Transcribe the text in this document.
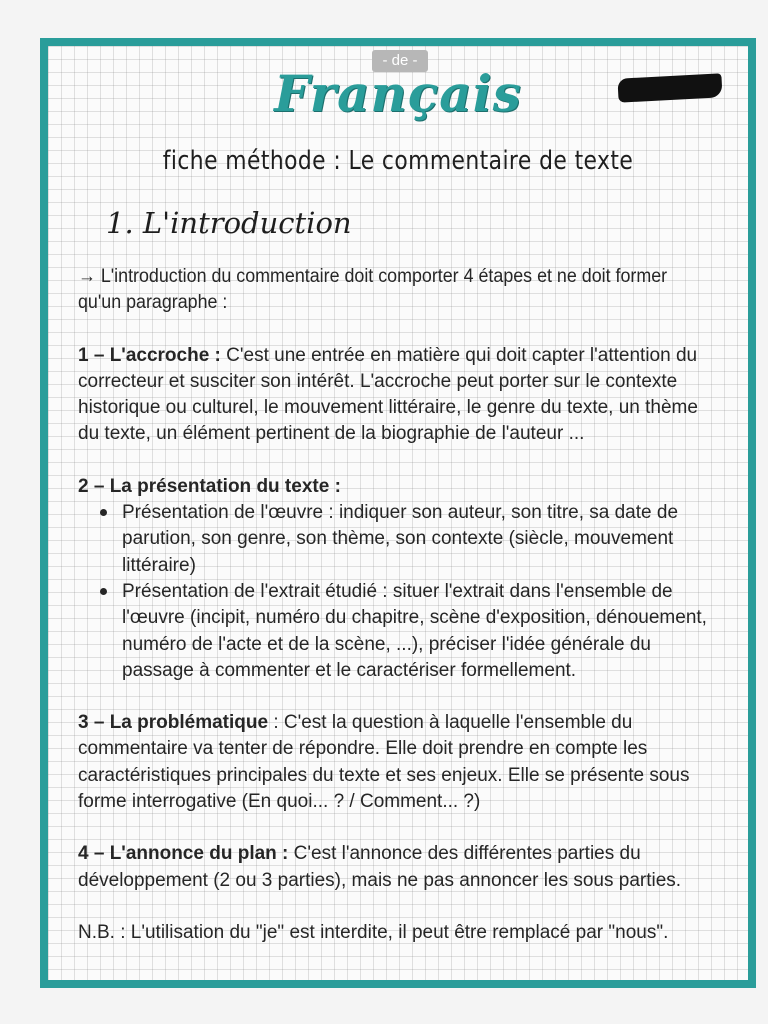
- de -
Français
fiche méthode : Le commentaire de texte
1. L'introduction

→ L'introduction du commentaire doit comporter 4 étapes et ne doit former qu'un paragraphe :

1 – L'accroche : C'est une entrée en matière qui doit capter l'attention du correcteur et susciter son intérêt. L'accroche peut porter sur le contexte historique ou culturel, le mouvement littéraire, le genre du texte, un thème du texte, un élément pertinent de la biographie de l'auteur ...

2 – La présentation du texte :

Présentation de l'œuvre : indiquer son auteur, son titre, sa date de parution, son genre, son thème, son contexte (siècle, mouvement littéraire)
Présentation de l'extrait étudié : situer l'extrait dans l'ensemble de l'œuvre (incipit, numéro du chapitre, scène d'exposition, dénouement, numéro de l'acte et de la scène, ...), préciser l'idée générale du passage à commenter et le caractériser formellement.

3 – La problématique : C'est la question à laquelle l'ensemble du commentaire va tenter de répondre. Elle doit prendre en compte les caractéristiques principales du texte et ses enjeux. Elle se présente sous forme interrogative (En quoi... ? / Comment... ?)

4 – L'annonce du plan : C'est l'annonce des différentes parties du développement (2 ou 3 parties), mais ne pas annoncer les sous parties.

N.B. : L'utilisation du "je" est interdite, il peut être remplacé par "nous".
